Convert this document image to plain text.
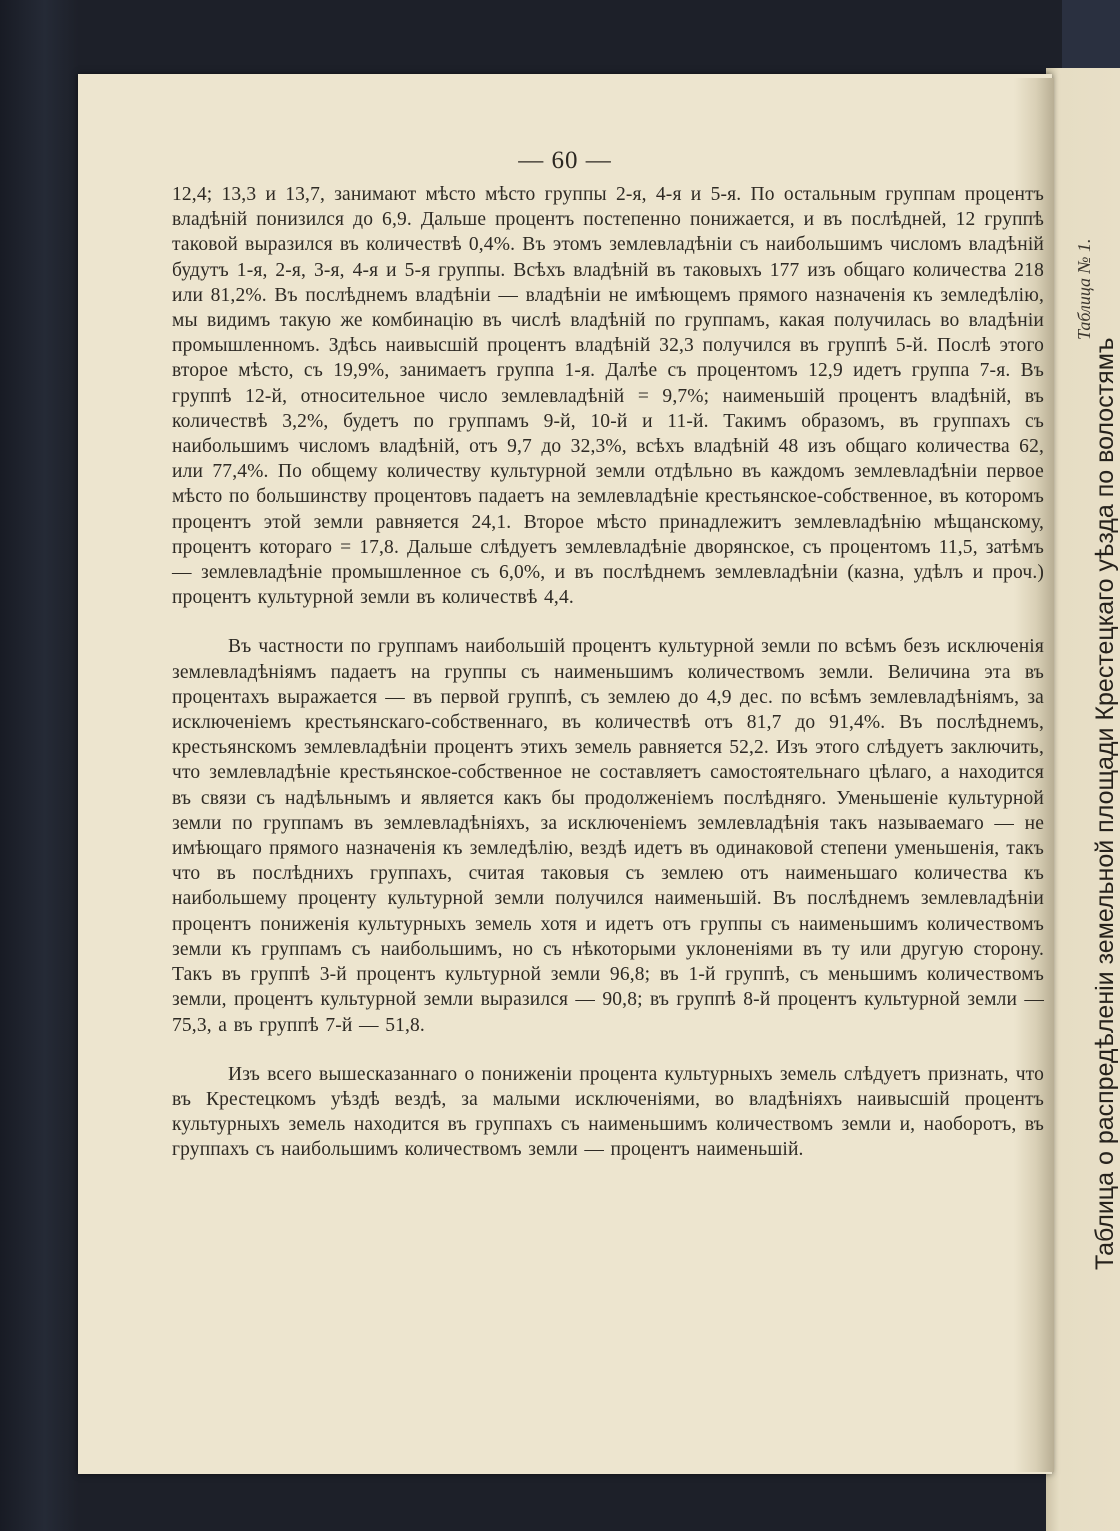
— 60 —

12,4; 13,3 и 13,7, занимают мѣсто мѣсто группы 2-я, 4-я и 5-я. По остальным группам процентъ владѣній понизился до 6,9. Дальше процентъ постепенно понижается, и въ послѣдней, 12 группѣ таковой выразился въ количествѣ 0,4%. Въ этомъ землевладѣніи съ наибольшимъ числомъ владѣній будутъ 1-я, 2-я, 3-я, 4-я и 5-я группы. Всѣхъ владѣній въ таковыхъ 177 изъ общаго количества 218 или 81,2%. Въ послѣднемъ владѣніи — владѣніи не имѣющемъ прямого назначенія къ земледѣлію, мы видимъ такую же комбинацію въ числѣ владѣній по группамъ, какая получилась во владѣніи промышленномъ. Здѣсь наивысшій процентъ владѣній 32,3 получился въ группѣ 5-й. Послѣ этого второе мѣсто, съ 19,9%, занимаетъ группа 1-я. Далѣе съ процентомъ 12,9 идетъ группа 7-я. Въ группѣ 12-й, относительное число землевладѣній = 9,7%; наименьшій процентъ владѣній, въ количествѣ 3,2%, будетъ по группамъ 9-й, 10-й и 11-й. Такимъ образомъ, въ группахъ съ наибольшимъ числомъ владѣній, отъ 9,7 до 32,3%, всѣхъ владѣній 48 изъ общаго количества 62, или 77,4%. По общему количеству культурной земли отдѣльно въ каждомъ землевладѣніи первое мѣсто по большинству процентовъ падаетъ на землевладѣніе крестьянское-собственное, въ которомъ процентъ этой земли равняется 24,1. Второе мѣсто принадлежитъ землевладѣнію мѣщанскому, процентъ котораго = 17,8. Дальше слѣдуетъ землевладѣніе дворянское, съ процентомъ 11,5, затѣмъ — землевладѣніе промышленное съ 6,0%, и въ послѣднемъ землевладѣніи (казна, удѣлъ и проч.) процентъ культурной земли въ количествѣ 4,4.

Въ частности по группамъ наибольшій процентъ культурной земли по всѣмъ безъ исключенія землевладѣніямъ падаетъ на группы съ наименьшимъ количествомъ земли. Величина эта въ процентахъ выражается — въ первой группѣ, съ землею до 4,9 дес. по всѣмъ землевладѣніямъ, за исключеніемъ крестьянскаго-собственнаго, въ количествѣ отъ 81,7 до 91,4%. Въ послѣднемъ, крестьянскомъ землевладѣніи процентъ этихъ земель равняется 52,2. Изъ этого слѣдуетъ заключить, что землевладѣніе крестьянское-собственное не составляетъ самостоятельнаго цѣлаго, а находится въ связи съ надѣльнымъ и является какъ бы продолженіемъ послѣдняго. Уменьшеніе культурной земли по группамъ въ землевладѣніяхъ, за исключеніемъ землевладѣнія такъ называемаго — не имѣющаго прямого назначенія къ земледѣлію, вездѣ идетъ въ одинаковой степени уменьшенія, такъ что въ послѣднихъ группахъ, считая таковыя съ землею отъ наименьшаго количества къ наибольшему проценту культурной земли получился наименьшій. Въ послѣднемъ землевладѣніи процентъ пониженія культурныхъ земель хотя и идетъ отъ группы съ наименьшимъ количествомъ земли къ группамъ съ наибольшимъ, но съ нѣкоторыми уклоненіями въ ту или другую сторону. Такъ въ группѣ 3-й процентъ культурной земли 96,8; въ 1-й группѣ, съ меньшимъ количествомъ земли, процентъ культурной земли выразился — 90,8; въ группѣ 8-й процентъ культурной земли — 75,3, а въ группѣ 7-й — 51,8.

Изъ всего вышесказаннаго о пониженіи процента культурныхъ земель слѣдуетъ признать, что въ Крестецкомъ уѣздѣ вездѣ, за малыми исключеніями, во владѣніяхъ наивысшій процентъ культурныхъ земель находится въ группахъ съ наименьшимъ количествомъ земли и, наоборотъ, въ группахъ съ наибольшимъ количествомъ земли — процентъ наименьшій.

Таблица № 1.
Таблица о распредѣленіи земельной площади Крестецкаго уѣзда по волостямъ
